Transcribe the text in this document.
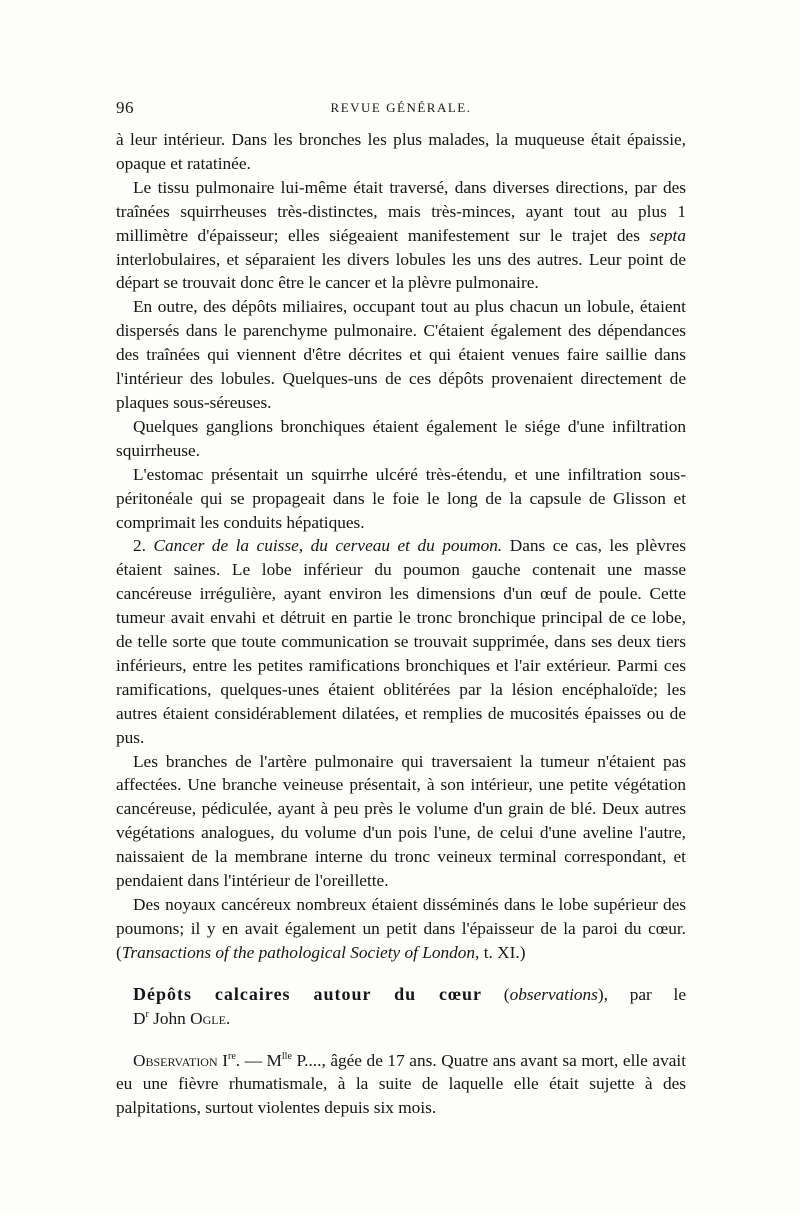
96	REVUE GÉNÉRALE.

à leur intérieur. Dans les bronches les plus malades, la muqueuse était épaissie, opaque et ratatinée.

Le tissu pulmonaire lui-même était traversé, dans diverses directions, par des traînées squirrheuses très-distinctes, mais très-minces, ayant tout au plus 1 millimètre d'épaisseur; elles siégeaient manifestement sur le trajet des septa interlobulaires, et séparaient les divers lobules les uns des autres. Leur point de départ se trouvait donc être le cancer et la plèvre pulmonaire.

En outre, des dépôts miliaires, occupant tout au plus chacun un lobule, étaient dispersés dans le parenchyme pulmonaire. C'étaient également des dépendances des traînées qui viennent d'être décrites et qui étaient venues faire saillie dans l'intérieur des lobules. Quelques-uns de ces dépôts provenaient directement de plaques sous-séreuses.

Quelques ganglions bronchiques étaient également le siége d'une infiltration squirrheuse.

L'estomac présentait un squirrhe ulcéré très-étendu, et une infiltration sous-péritonéale qui se propageait dans le foie le long de la capsule de Glisson et comprimait les conduits hépatiques.

2. Cancer de la cuisse, du cerveau et du poumon. Dans ce cas, les plèvres étaient saines. Le lobe inférieur du poumon gauche contenait une masse cancéreuse irrégulière, ayant environ les dimensions d'un œuf de poule. Cette tumeur avait envahi et détruit en partie le tronc bronchique principal de ce lobe, de telle sorte que toute communication se trouvait supprimée, dans ses deux tiers inférieurs, entre les petites ramifications bronchiques et l'air extérieur. Parmi ces ramifications, quelques-unes étaient oblitérées par la lésion encéphaloïde; les autres étaient considérablement dilatées, et remplies de mucosités épaisses ou de pus.

Les branches de l'artère pulmonaire qui traversaient la tumeur n'étaient pas affectées. Une branche veineuse présentait, à son intérieur, une petite végétation cancéreuse, pédiculée, ayant à peu près le volume d'un grain de blé. Deux autres végétations analogues, du volume d'un pois l'une, de celui d'une aveline l'autre, naissaient de la membrane interne du tronc veineux terminal correspondant, et pendaient dans l'intérieur de l'oreillette.

Des noyaux cancéreux nombreux étaient disséminés dans le lobe supérieur des poumons; il y en avait également un petit dans l'épaisseur de la paroi du cœur. (Transactions of the pathological Society of London, t. XI.)

Dépôts calcaires autour du cœur (observations), par le

$D^r$ John Ogle.

Observation Ire. — $M^{lle}$ P...., âgée de 17 ans. Quatre ans avant sa mort, elle avait eu une fièvre rhumatismale, à la suite de laquelle elle était sujette à des palpitations, surtout violentes depuis six mois.
